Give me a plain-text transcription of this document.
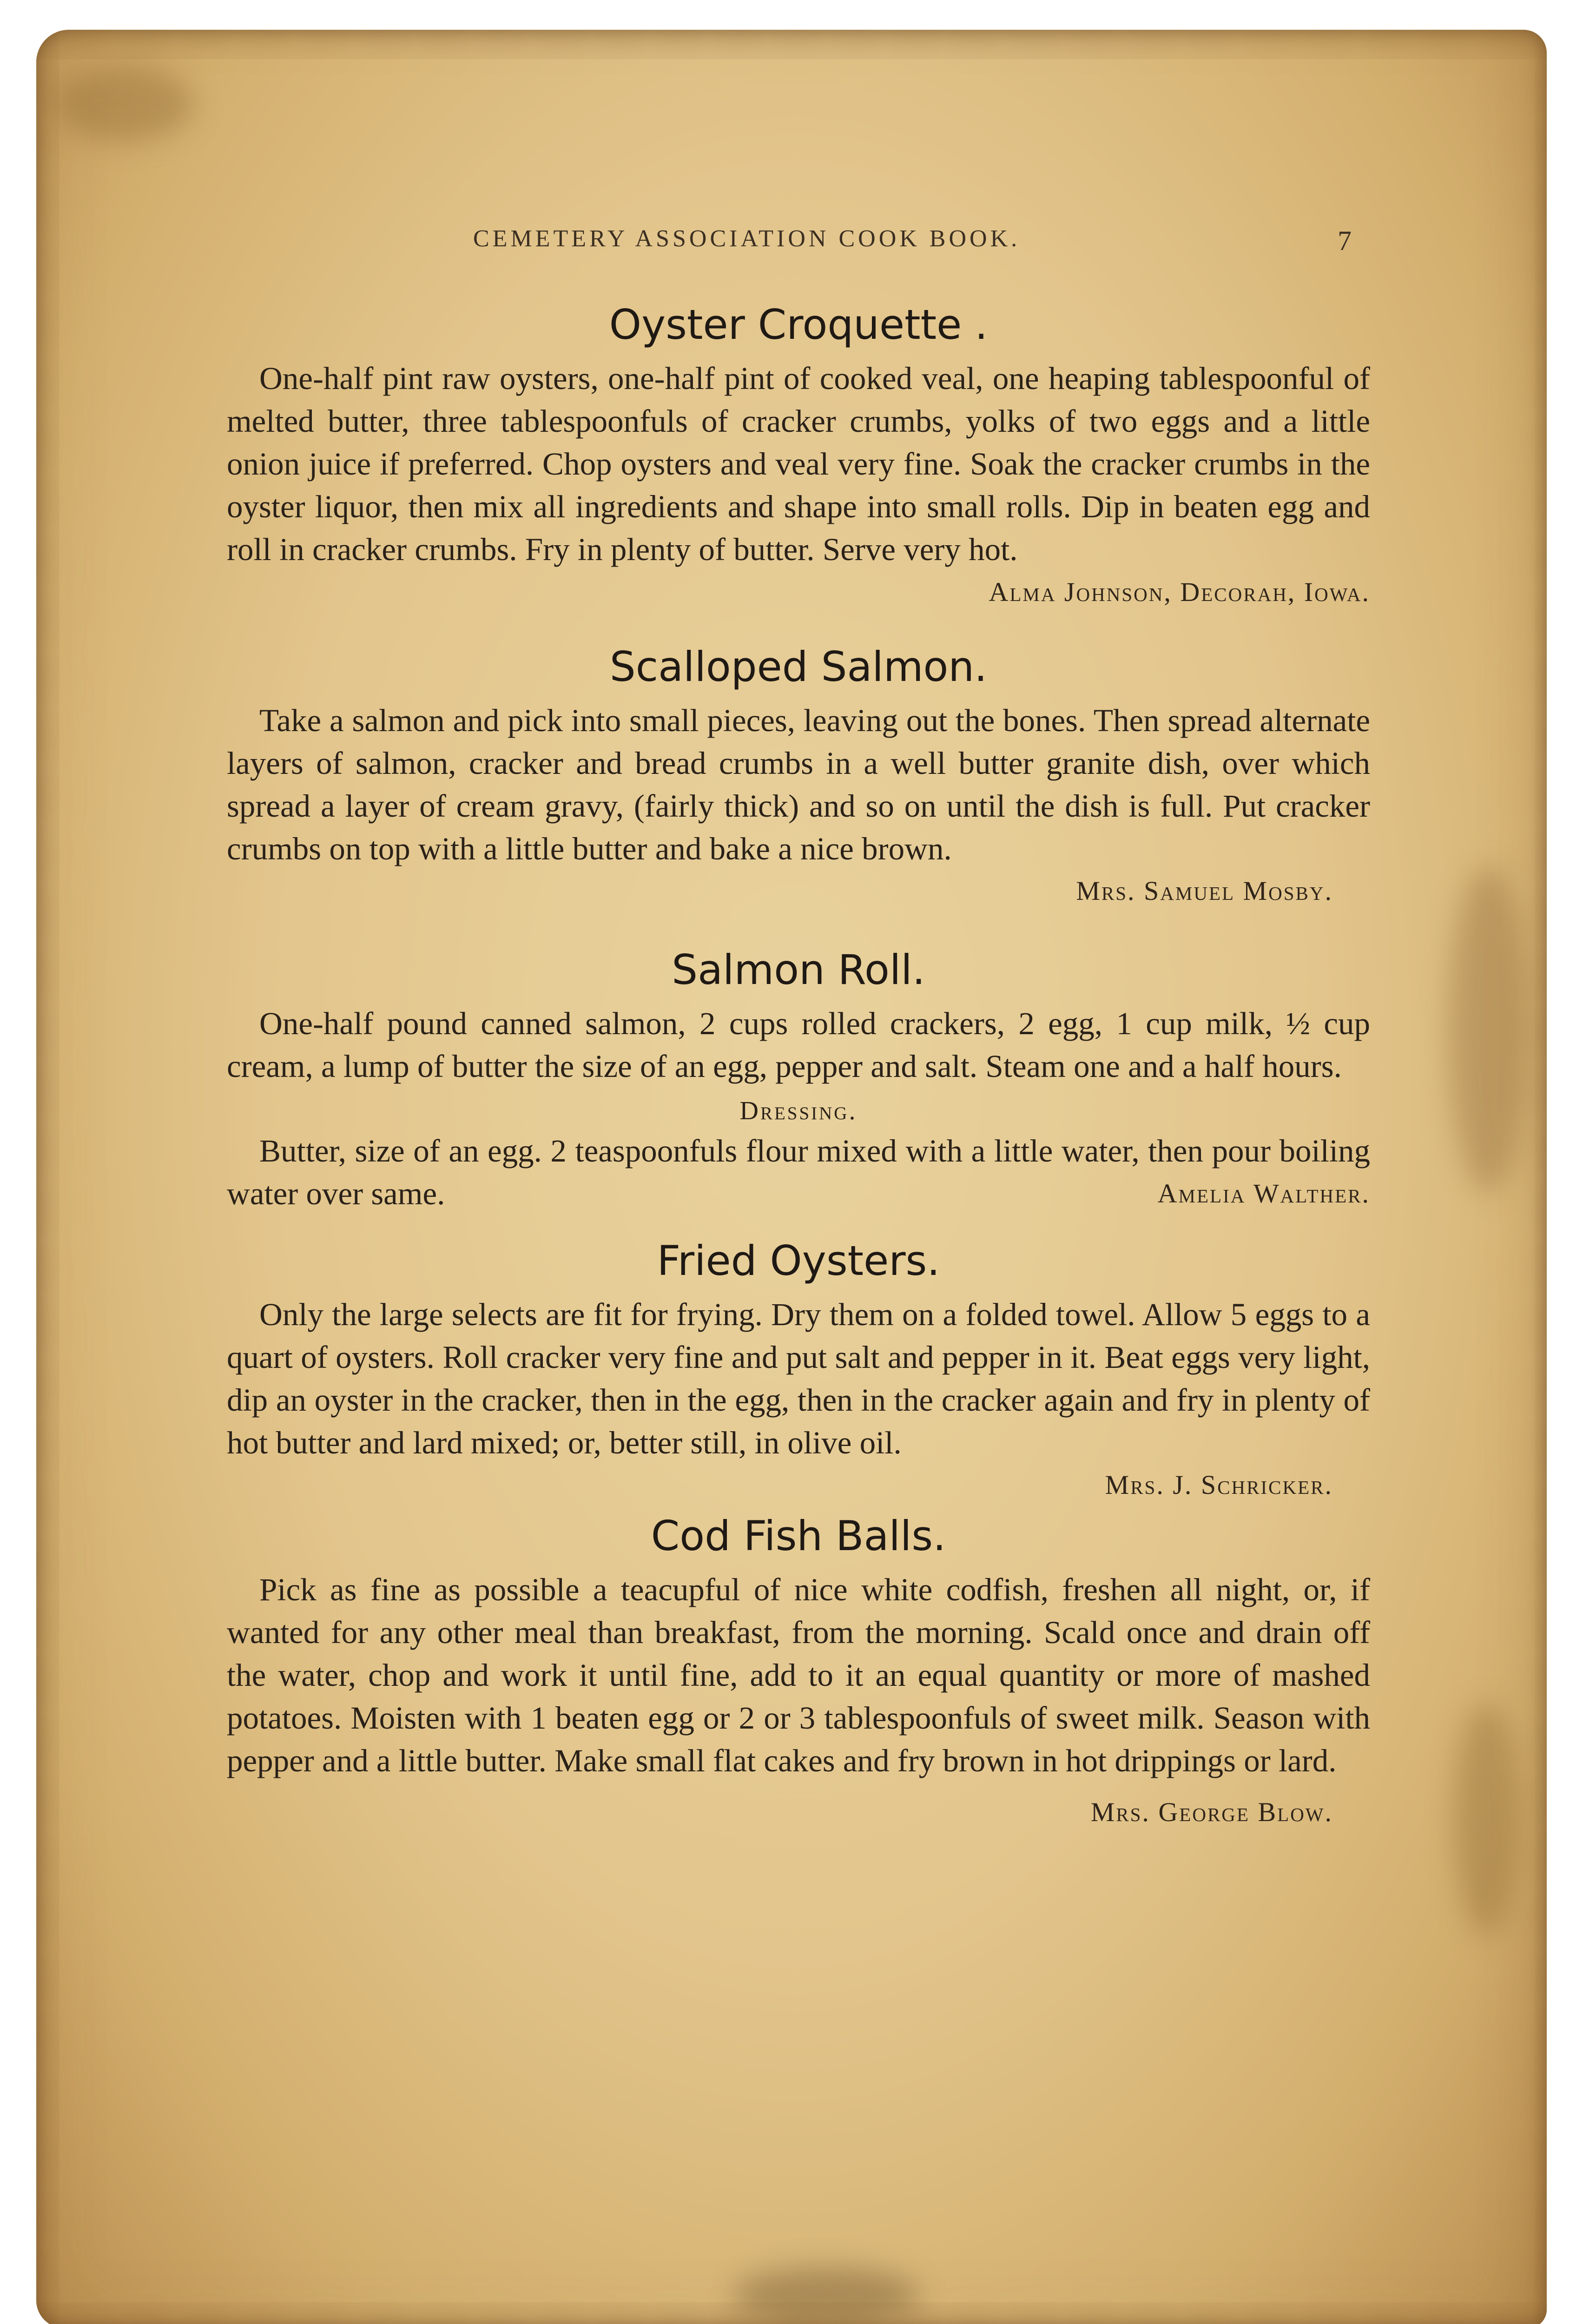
CEMETERY ASSOCIATION COOK BOOK.	7
Oyster Croquette .

One-half pint raw oysters, one-half pint of cooked veal, one heaping tablespoonful of melted butter, three tablespoonfuls of cracker crumbs, yolks of two eggs and a little onion juice if preferred. Chop oysters and veal very fine. Soak the cracker crumbs in the oyster liquor, then mix all ingredients and shape into small rolls. Dip in beaten egg and roll in cracker crumbs. Fry in plenty of butter. Serve very hot.
Alma Johnson, Decorah, Iowa.

Scalloped Salmon.

Take a salmon and pick into small pieces, leaving out the bones. Then spread alternate layers of salmon, cracker and bread crumbs in a well butter granite dish, over which spread a layer of cream gravy, (fairly thick) and so on until the dish is full. Put cracker crumbs on top with a little butter and bake a nice brown.

Mrs. Samuel Mosby.

Salmon Roll.

One-half pound canned salmon, 2 cups rolled crackers, 2 egg, 1 cup milk, ½ cup cream, a lump of butter the size of an egg, pepper and salt. Steam one and a half hours.

Dressing.

Butter, size of an egg. 2 teaspoonfuls flour mixed with a little water, then pour boiling water over same.	Amelia Walther.

Fried Oysters.

Only the large selects are fit for frying. Dry them on a folded towel. Allow 5 eggs to a quart of oysters. Roll cracker very fine and put salt and pepper in it. Beat eggs very light, dip an oyster in the cracker, then in the egg, then in the cracker again and fry in plenty of hot butter and lard mixed; or, better still, in olive oil.

Mrs. J. Schricker.

Cod Fish Balls.

Pick as fine as possible a teacupful of nice white codfish, freshen all night, or, if wanted for any other meal than breakfast, from the morning. Scald once and drain off the water, chop and work it until fine, add to it an equal quantity or more of mashed potatoes. Moisten with 1 beaten egg or 2 or 3 tablespoonfuls of sweet milk. Season with pepper and a little butter. Make small flat cakes and fry brown in hot drippings or lard.

Mrs. George Blow.
